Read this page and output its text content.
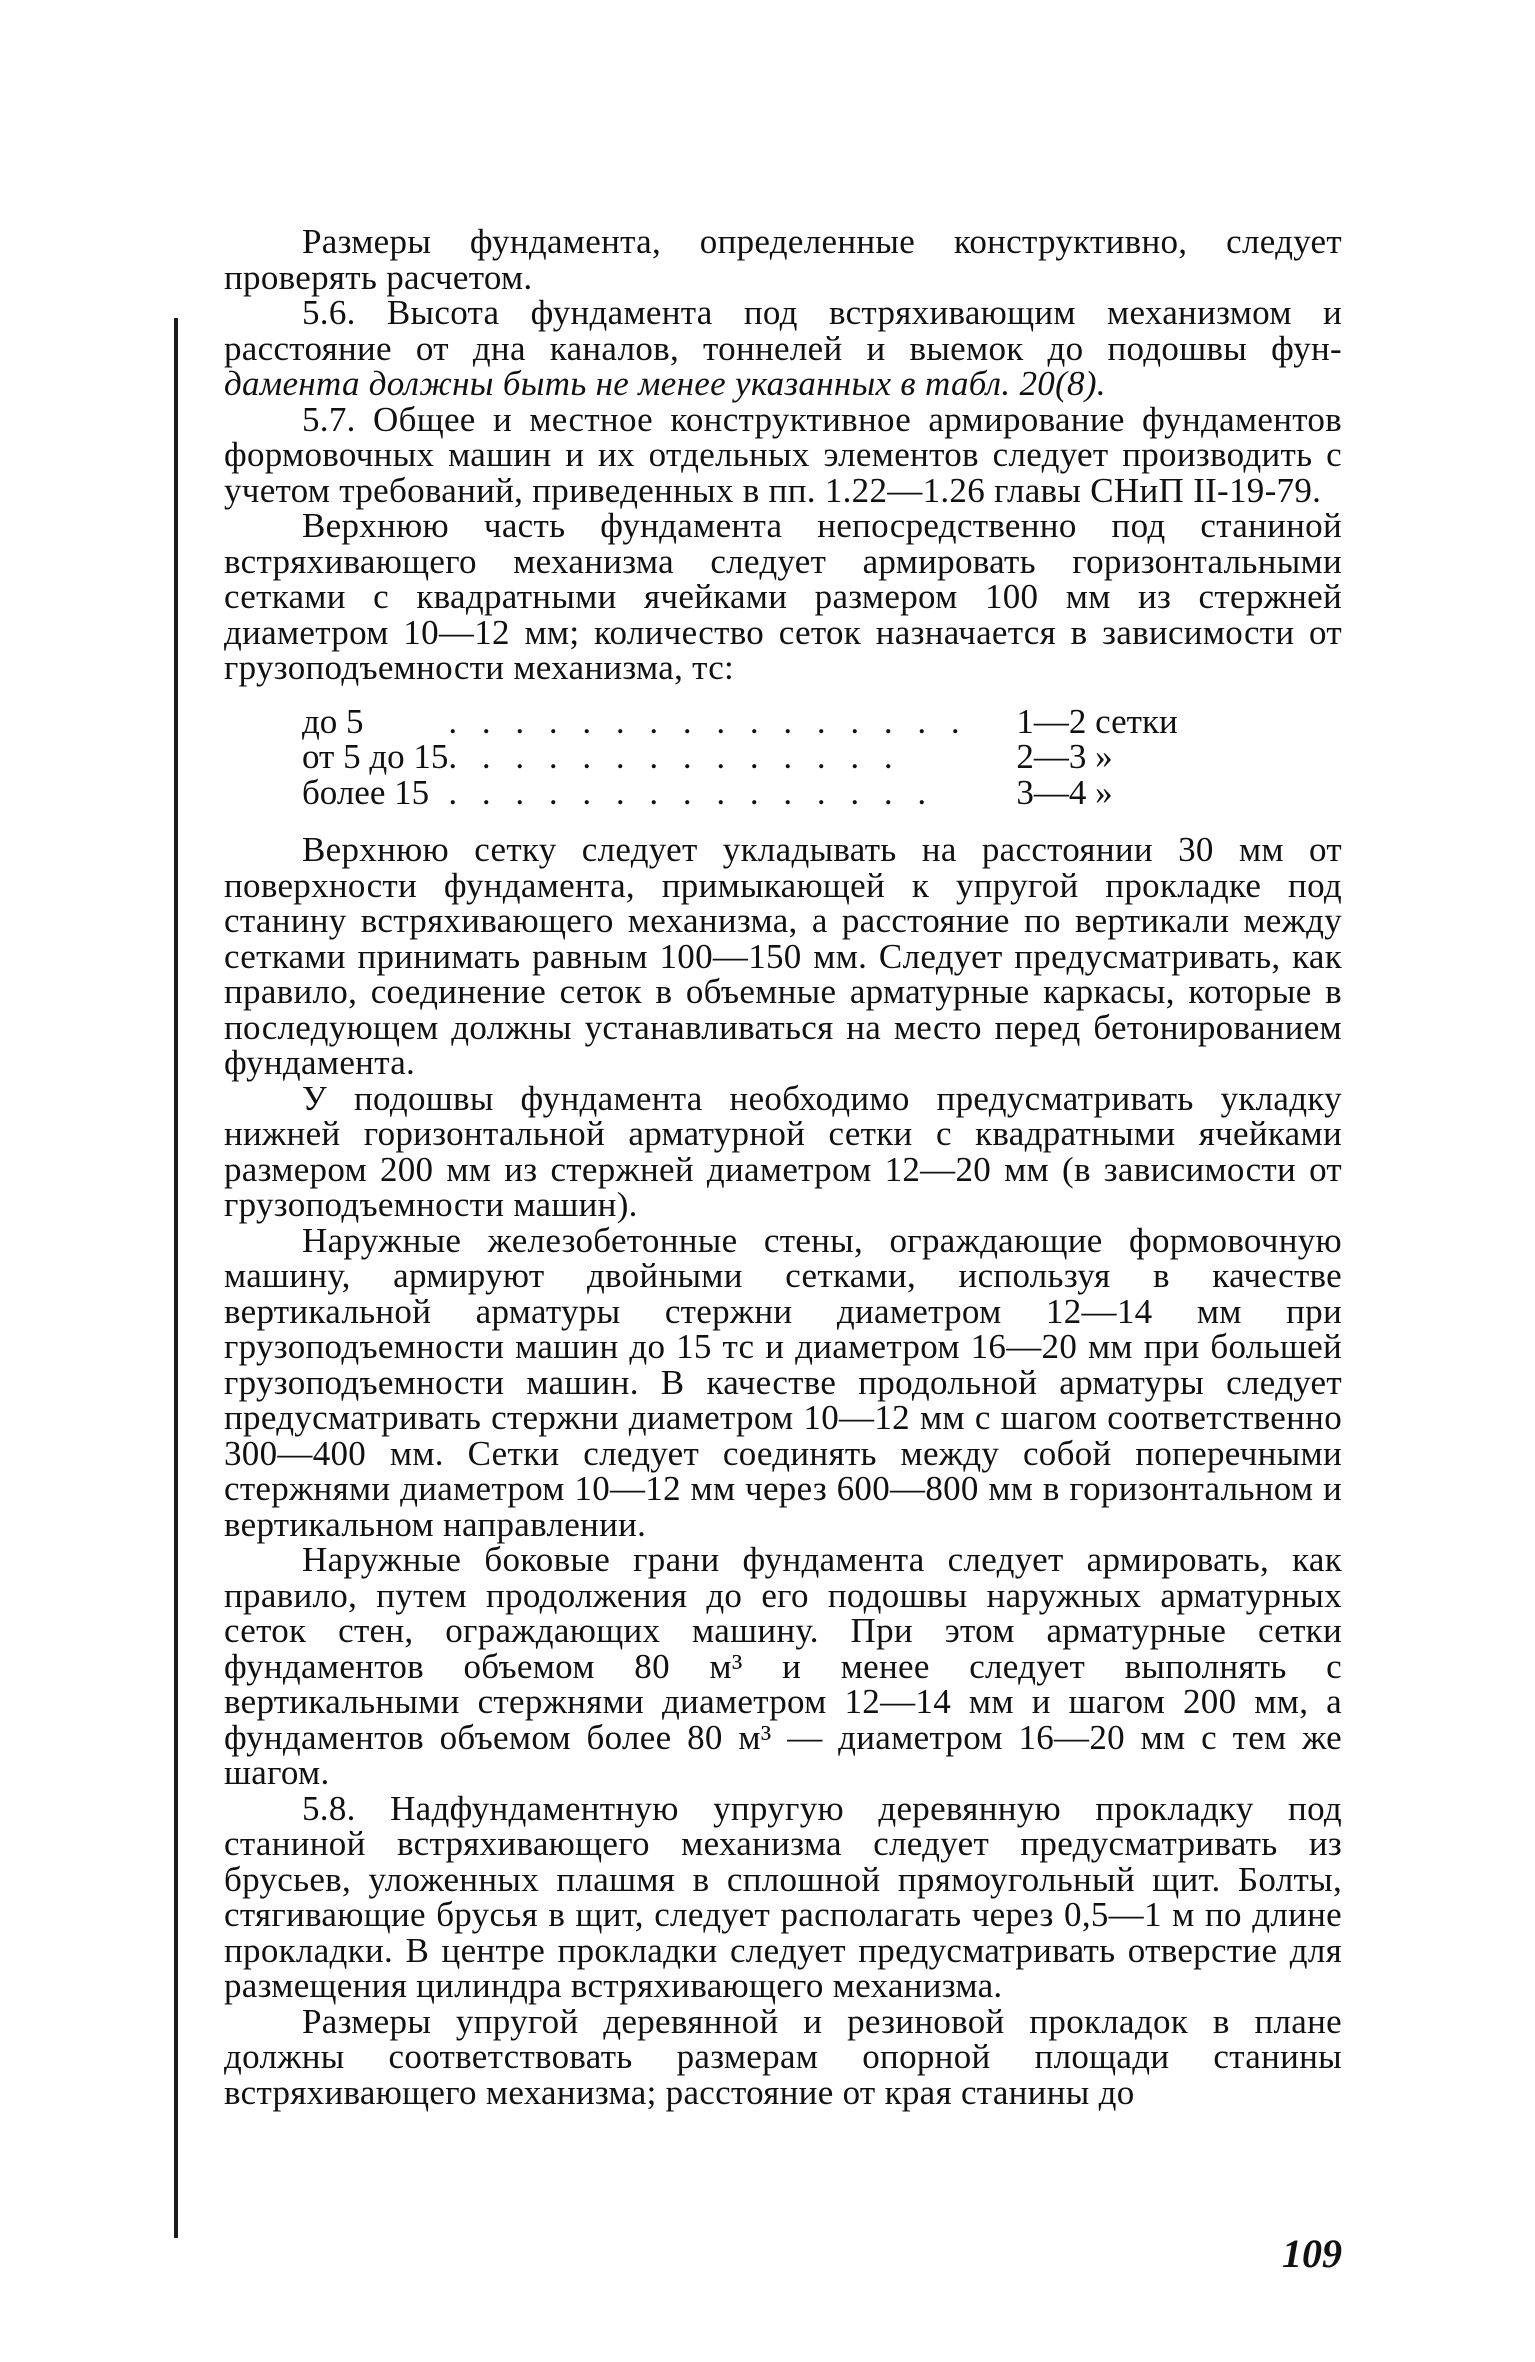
Размеры фундамента, определенные конструктивно, следует проверять расчетом.

5.6. Высота фундамента под встряхивающим механизмом и расстояние от дна каналов, тоннелей и выемок до подошвы фун- дамента должны быть не менее указанных в табл. 20(8).

5.7. Общее и местное конструктивное армирование фундаментов формовочных машин и их отдельных элементов следует производить с учетом требований, приведенных в пп. 1.22—1.26 главы СНиП II-19-79.

Верхнюю часть фундамента непосредственно под станиной встряхивающего механизма следует армировать горизонтальными сетками с квадратными ячейками размером 100 мм из стержней диаметром 10—12 мм; количество сеток назначается в зависимости от грузоподъемности механизма, тс:

до 5	. . . . . . . . . . . . . . . .	1—2 сетки
от 5 до 15	. . . . . . . . . . . . . .	2—3 »
более 15	. . . . . . . . . . . . . . .	3—4 »

Верхнюю сетку следует укладывать на расстоянии 30 мм от поверхности фундамента, примыкающей к упругой прокладке под станину встряхивающего механизма, а расстояние по вертикали между сетками принимать равным 100—150 мм. Следует предусматривать, как правило, соединение сеток в объемные арматурные каркасы, которые в последующем должны устанавливаться на место перед бетонированием фундамента.

У подошвы фундамента необходимо предусматривать укладку нижней горизонтальной арматурной сетки с квадратными ячейками размером 200 мм из стержней диаметром 12—20 мм (в зависимости от грузоподъемности машин).

Наружные железобетонные стены, ограждающие формовочную машину, армируют двойными сетками, используя в качестве вертикальной арматуры стержни диаметром 12—14 мм при грузоподъемности машин до 15 тс и диаметром 16—20 мм при большей грузоподъемности машин. В качестве продольной арматуры следует предусматривать стержни диаметром 10—12 мм с шагом соответственно 300—400 мм. Сетки следует соединять между собой поперечными стержнями диаметром 10—12 мм через 600—800 мм в горизонтальном и вертикальном направлении.

Наружные боковые грани фундамента следует армировать, как правило, путем продолжения до его подошвы наружных арматурных сеток стен, ограждающих машину. При этом арматурные сетки фундаментов объемом 80 м³ и менее следует выполнять с вертикальными стержнями диаметром 12—14 мм и шагом 200 мм, а фундаментов объемом более 80 м³ — диаметром 16—20 мм с тем же шагом.

5.8. Надфундаментную упругую деревянную прокладку под станиной встряхивающего механизма следует предусматривать из брусьев, уложенных плашмя в сплошной прямоугольный щит. Болты, стягивающие брусья в щит, следует располагать через 0,5—1 м по длине прокладки. В центре прокладки следует предусматривать отверстие для размещения цилиндра встряхивающего механизма.

Размеры упругой деревянной и резиновой прокладок в плане должны соответствовать размерам опорной площади станины встряхивающего механизма; расстояние от края станины до

109
